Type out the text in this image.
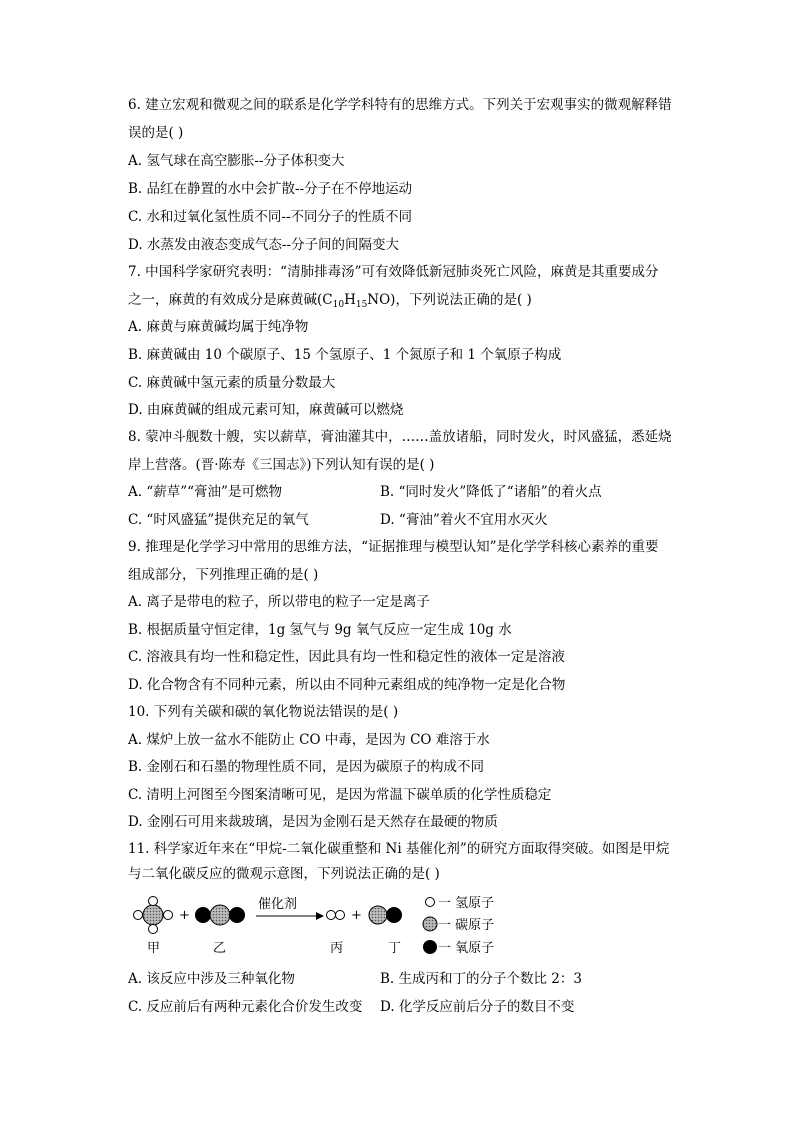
6. 建立宏观和微观之间的联系是化学学科特有的思维方式。下列关于宏观事实的微观解释错
误的是( )
A. 氢气球在高空膨胀--分子体积变大
B. 品红在静置的水中会扩散--分子在不停地运动
C. 水和过氧化氢性质不同--不同分子的性质不同
D. 水蒸发由液态变成气态--分子间的间隔变大
7. 中国科学家研究表明：“清肺排毒汤”可有效降低新冠肺炎死亡风险，麻黄是其重要成分
之一，麻黄的有效成分是麻黄碱$(C_{10}H_{15}NO)$，下列说法正确的是( )
A. 麻黄与麻黄碱均属于纯净物
B. 麻黄碱由 10 个碳原子、15 个氢原子、1 个氮原子和 1 个氧原子构成
C. 麻黄碱中氢元素的质量分数最大
D. 由麻黄碱的组成元素可知，麻黄碱可以燃烧
8. 蒙冲斗舰数十艘，实以薪草，膏油灌其中，……盖放诸船，同时发火，时风盛猛，悉延烧
岸上营落。(晋·陈寿《三国志》)下列认知有误的是( )
A. “薪草”“膏油”是可燃物	B. “同时发火”降低了“诸船”的着火点
C. “时风盛猛”提供充足的氧气	D. “膏油”着火不宜用水灭火
9. 推理是化学学习中常用的思维方法，“证据推理与模型认知”是化学学科核心素养的重要
组成部分，下列推理正确的是( )
A. 离子是带电的粒子，所以带电的粒子一定是离子
B. 根据质量守恒定律，1g 氢气与 9g 氧气反应一定生成 10g 水
C. 溶液具有均一性和稳定性，因此具有均一性和稳定性的液体一定是溶液
D. 化合物含有不同种元素，所以由不同种元素组成的纯净物一定是化合物
10. 下列有关碳和碳的氧化物说法错误的是( )
A. 煤炉上放一盆水不能防止 CO 中毒，是因为 CO 难溶于水
B. 金刚石和石墨的物理性质不同，是因为碳原子的构成不同
C. 清明上河图至今图案清晰可见，是因为常温下碳单质的化学性质稳定
D. 金刚石可用来裁玻璃，是因为金刚石是天然存在最硬的物质
11. 科学家近年来在“甲烷-二氧化碳重整和 Ni 基催化剂”的研究方面取得突破。如图是甲烷
与二氧化碳反应的微观示意图，下列说法正确的是( )
+
催化剂
+
甲	乙	丙	丁
一 氢原子
一 碳原子
一 氧原子
A. 该反应中涉及三种氧化物	B. 生成丙和丁的分子个数比 2：3
C. 反应前后有两种元素化合价发生改变 D. 化学反应前后分子的数目不变
